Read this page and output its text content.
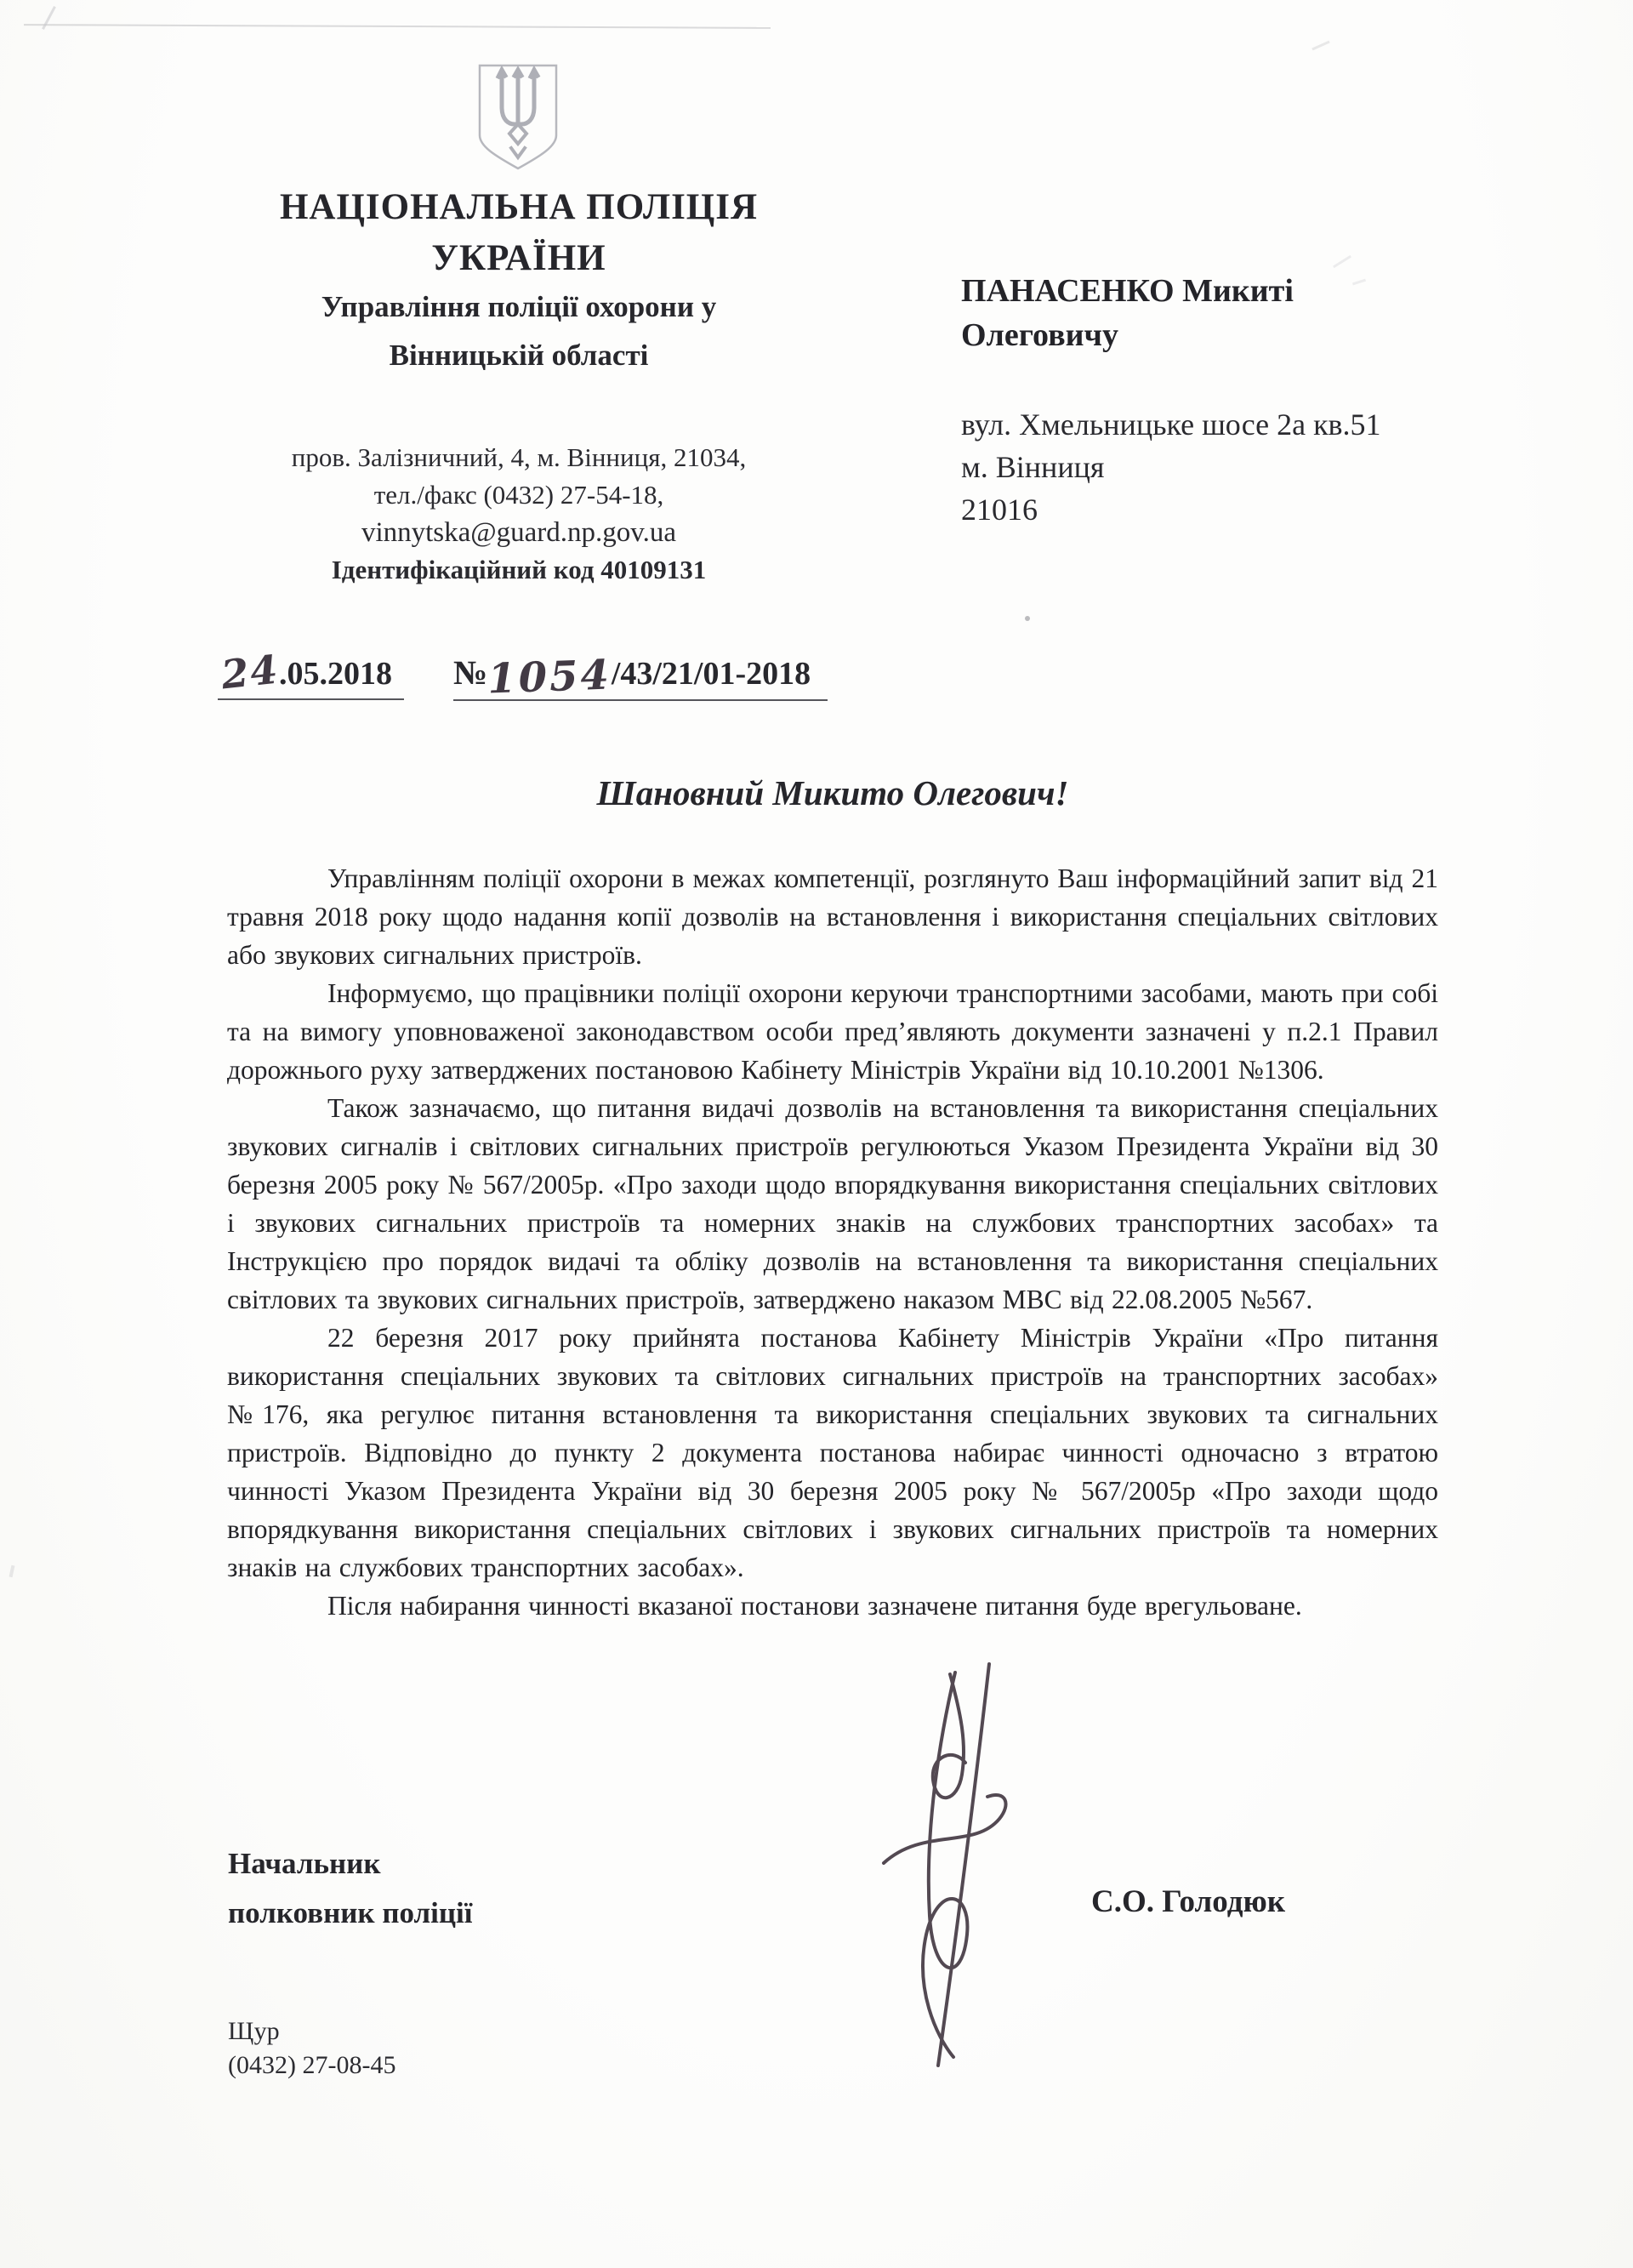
НАЦІОНАЛЬНА ПОЛІЦІЯ
УКРАЇНИ
Управління поліції охорони у
Вінницькій області
пров. Залізничний, 4, м. Вінниця, 21034,
тел./факс (0432) 27-54-18,
vinnytska@guard.np.gov.ua
Ідентифікаційний код 40109131
ПАНАСЕНКО Микиті
Олеговичу
вул. Хмельницьке шосе 2а кв.51
м. Вінниця
21016
24.05.2018 №1054/43/21/01-2018
Шановний Микито Олегович!

Управлінням поліції охорони в межах компетенції, розглянуто Ваш інформаційний запит від 21 травня 2018 року щодо надання копії дозволів на встановлення і використання спеціальних світлових або звукових сигнальних пристроїв.

Інформуємо, що працівники поліції охорони керуючи транспортними засобами, мають при собі та на вимогу уповноваженої законодавством особи пред’являють документи зазначені у п.2.1 Правил дорожнього руху затверджених постановою Кабінету Міністрів України від 10.10.2001 №1306.

Також зазначаємо, що питання видачі дозволів на встановлення та використання спеціальних звукових сигналів і світлових сигнальних пристроїв регулюються Указом Президента України від 30 березня 2005 року № 567/2005р. «Про заходи щодо впорядкування використання спеціальних світлових і звукових сигнальних пристроїв та номерних знаків на службових транспортних засобах» та Інструкцією про порядок видачі та обліку дозволів на встановлення та використання спеціальних світлових та звукових сигнальних пристроїв, затверджено наказом МВС від 22.08.2005 №567.

22 березня 2017 року прийнята постанова Кабінету Міністрів України «Про питання використання спеціальних звукових та світлових сигнальних пристроїв на транспортних засобах» №176, яка регулює питання встановлення та використання спеціальних звукових та сигнальних пристроїв. Відповідно до пункту 2 документа постанова набирає чинності одночасно з втратою чинності Указом Президента України від 30 березня 2005 року № 567/2005р «Про заходи щодо впорядкування використання спеціальних світлових і звукових сигнальних пристроїв та номерних знаків на службових транспортних засобах».

Після набирання чинності вказаної постанови зазначене питання буде врегульоване.

Начальник
полковник поліції	С.О. Голодюк
Щур
(0432) 27-08-45
